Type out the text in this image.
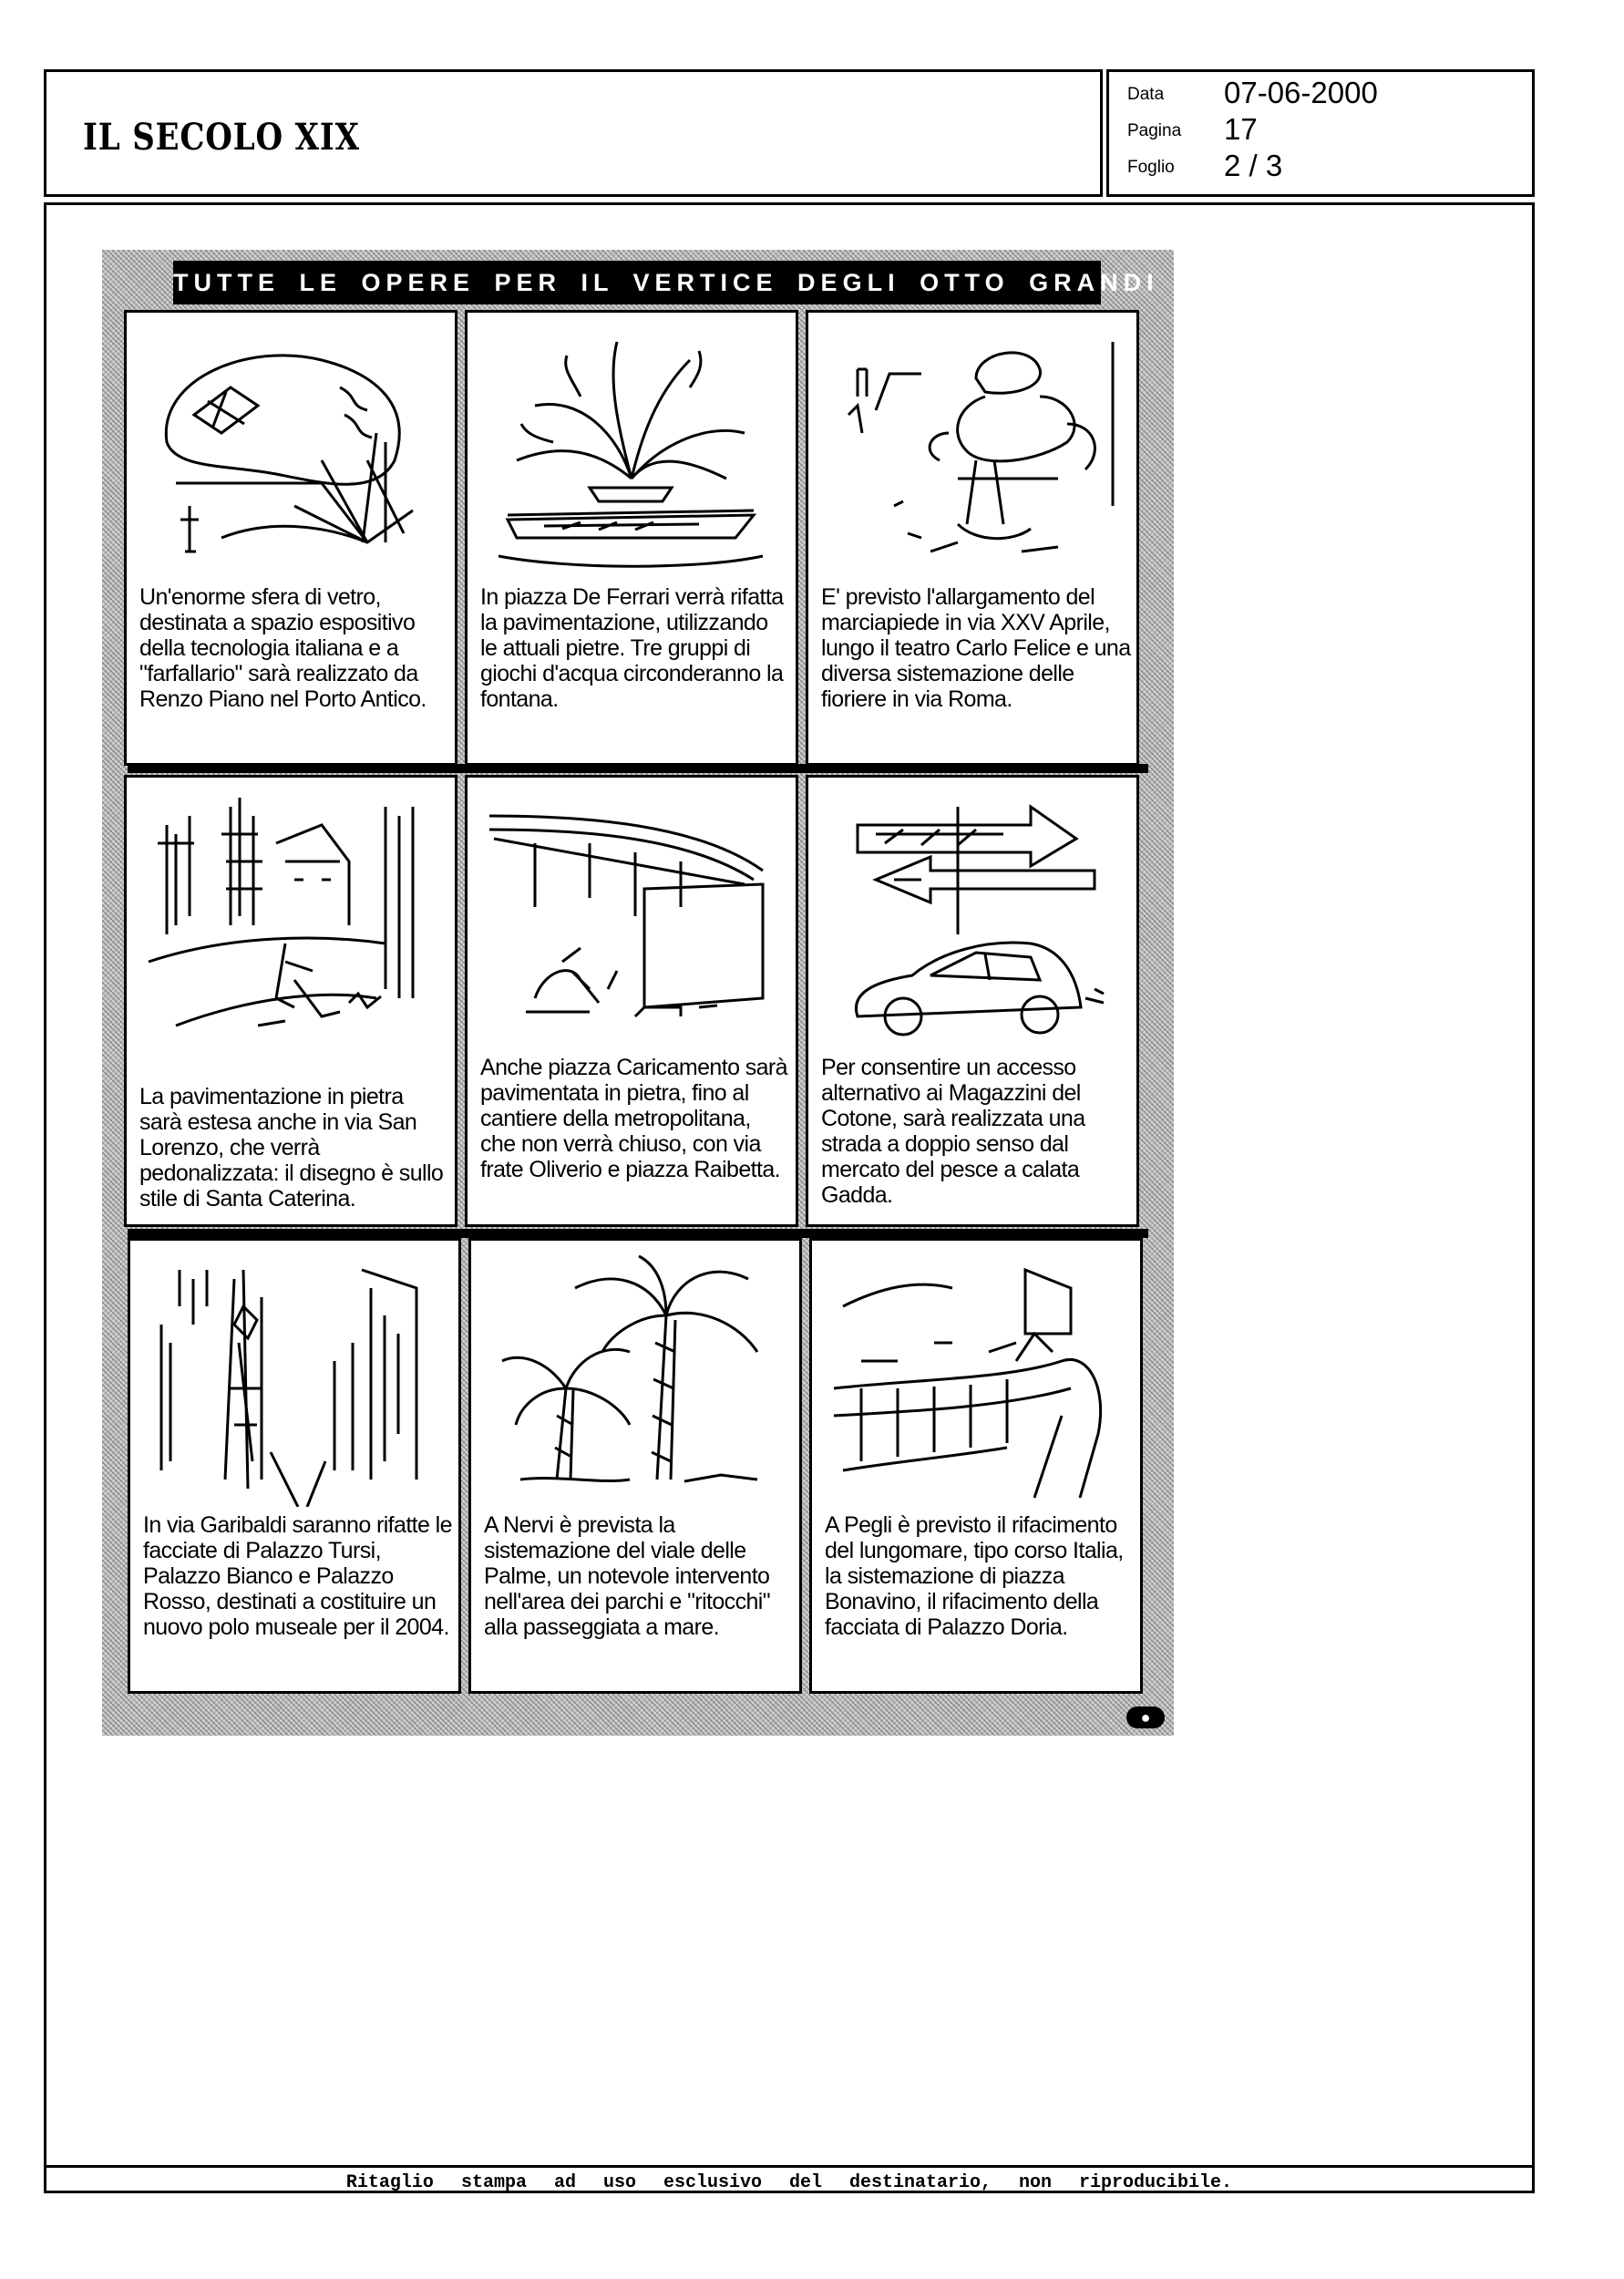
IL SECOLO XIX
Data 07-06-2000
Pagina 17
Foglio 2 / 3
Ritaglio stampa ad uso esclusivo del destinatario, non riproducibile.
TUTTE LE OPERE PER IL VERTICE DEGLI OTTO GRANDI
Un'enorme sfera di vetro, destinata a spazio espositivo della tecnologia italiana e a "farfallario" sarà realizzato da Renzo Piano nel Porto Antico.
In piazza De Ferrari verrà rifatta la pavimentazione, utilizzando le attuali pietre. Tre gruppi di giochi d'acqua circonderanno la fontana.
E' previsto l'allargamento del marciapiede in via XXV Aprile, lungo il teatro Carlo Felice e una diversa sistemazione delle fioriere in via Roma.
La pavimentazione in pietra sarà estesa anche in via San Lorenzo, che verrà pedonalizzata: il disegno è sullo stile di Santa Caterina.
Anche piazza Caricamento sarà pavimentata in pietra, fino al cantiere della metropolitana, che non verrà chiuso, con via frate Oliverio e piazza Raibetta.
Per consentire un accesso alternativo ai Magazzini del Cotone, sarà realizzata una strada a doppio senso dal mercato del pesce a calata Gadda.
In via Garibaldi saranno rifatte le facciate di Palazzo Tursi, Palazzo Bianco e Palazzo Rosso, destinati a costituire un nuovo polo museale per il 2004.
A Nervi è prevista la sistemazione del viale delle Palme, un notevole intervento nell'area dei parchi e "ritocchi" alla passeggiata a mare.
A Pegli è previsto il rifacimento del lungomare, tipo corso Italia, la sistemazione di piazza Bonavino, il rifacimento della facciata di Palazzo Doria.
●
